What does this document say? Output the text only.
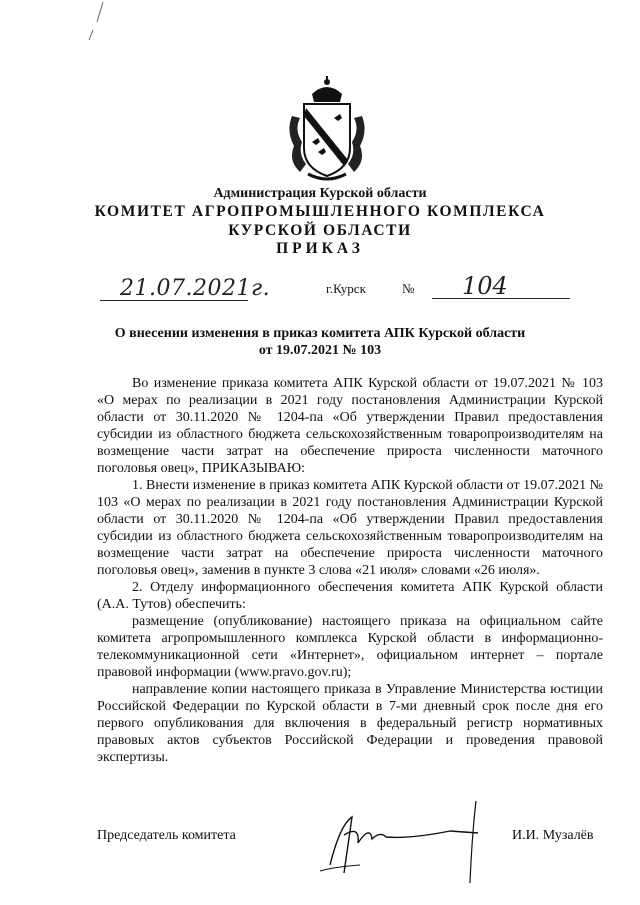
Администрация Курской области
КОМИТЕТ АГРОПРОМЫШЛЕННОГО КОМПЛЕКСА
КУРСКОЙ ОБЛАСТИ
ПРИКАЗ
21.07.2021г.	г.Курск	№ 104
О внесении изменения в приказ комитета АПК Курской области
от 19.07.2021 № 103

Во изменение приказа комитета АПК Курской области от 19.07.2021 № 103 «О мерах по реализации в 2021 году постановления Администрации Курской области от 30.11.2020 № 1204-па «Об утверждении Правил предоставления субсидии из областного бюджета сельскохозяйственным товаропроизводителям на возмещение части затрат на обеспечение прироста численности маточного поголовья овец», ПРИКАЗЫВАЮ:

1. Внести изменение в приказ комитета АПК Курской области от 19.07.2021 № 103 «О мерах по реализации в 2021 году постановления Администрации Курской области от 30.11.2020 № 1204-па «Об утверждении Правил предоставления субсидии из областного бюджета сельскохозяйственным товаропроизводителям на возмещение части затрат на обеспечение прироста численности маточного поголовья овец», заменив в пункте 3 слова «21 июля» словами «26 июля».

2. Отделу информационного обеспечения комитета АПК Курской области (А.А. Тутов) обеспечить:

размещение (опубликование) настоящего приказа на официальном сайте комитета агропромышленного комплекса Курской области в информационно-телекоммуникационной сети «Интернет», официальном интернет – портале правовой информации (www.pravo.gov.ru);

направление копии настоящего приказа в Управление Министерства юстиции Российской Федерации по Курской области в 7-ми дневный срок после дня его первого опубликования для включения в федеральный регистр нормативных правовых актов субъектов Российской Федерации и проведения правовой экспертизы.

Председатель комитета	И.И. Музалёв
